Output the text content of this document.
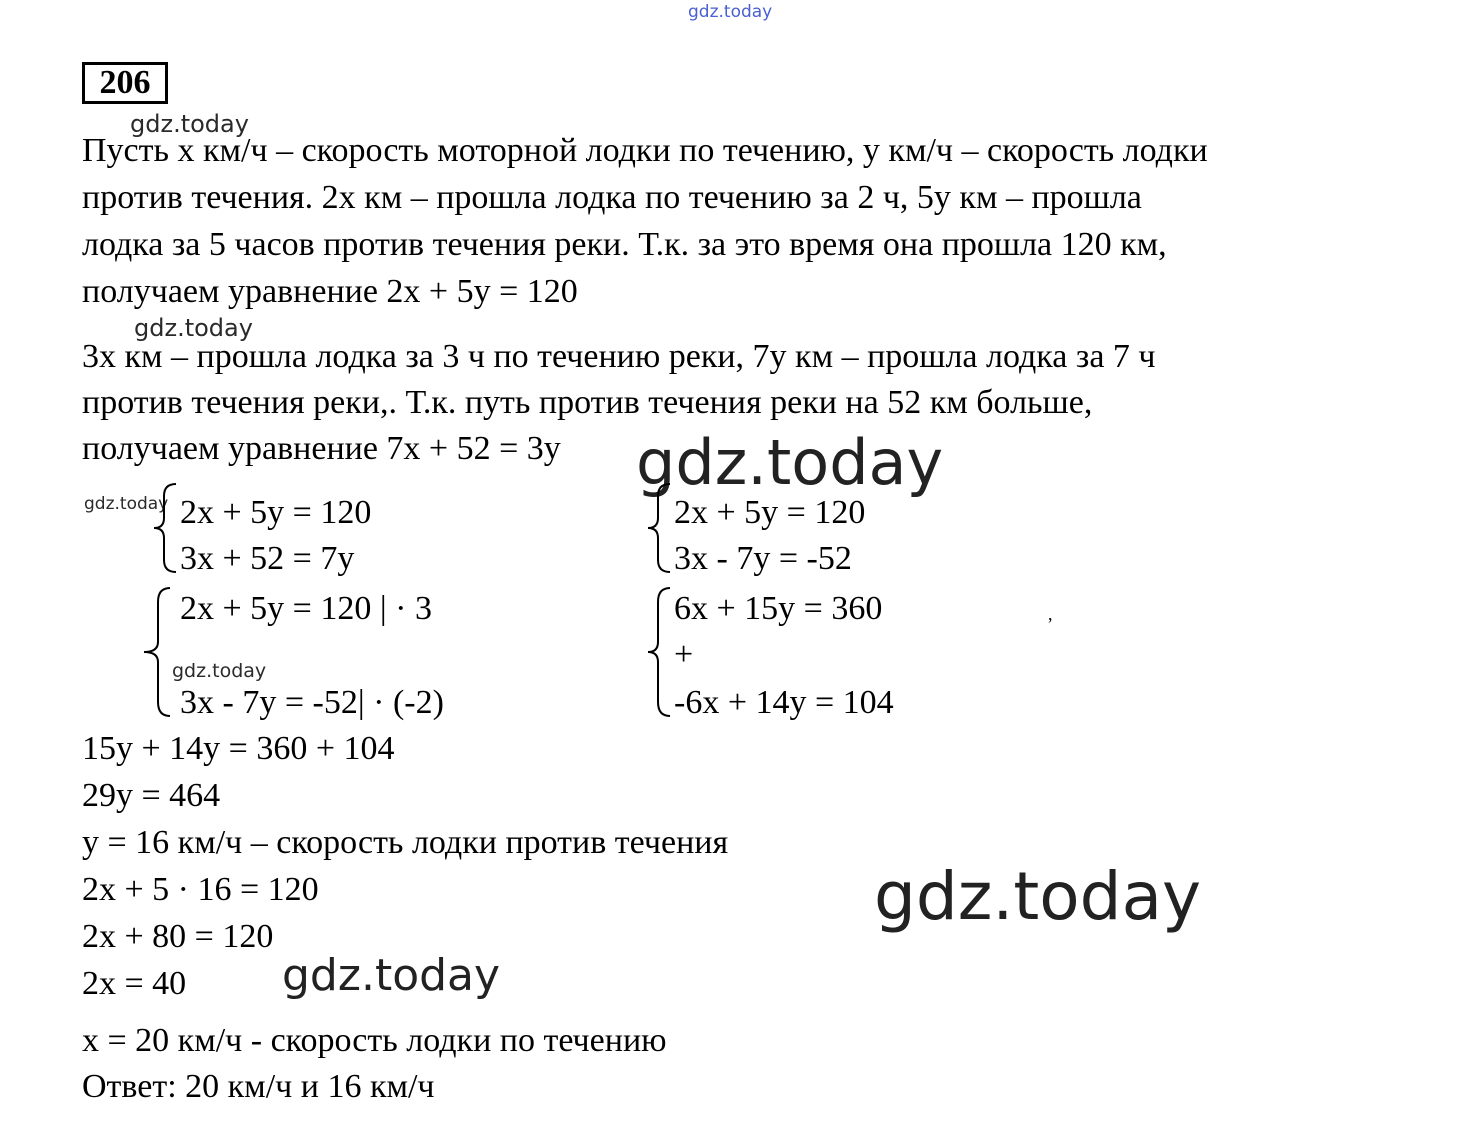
gdz.today
gdz.today
gdz.today
gdz.today
gdz.today
gdz.today
gdz.today
gdz.today
206
Пусть х км/ч – скорость моторной лодки по течению, у км/ч – скорость лодки
против течения. 2х км – прошла лодка по течению за 2 ч, 5у км – прошла
лодка за 5 часов против течения реки. Т.к. за это время она прошла 120 км,
получаем уравнение 2х + 5у = 120
3х км – прошла лодка за 3 ч по течению реки, 7у км – прошла лодка за 7 ч
против течения реки,. Т.к. путь против течения реки на 52 км больше,
получаем уравнение 7х + 52 = 3у
2х + 5у = 120
3х + 52 = 7у
2х + 5у = 120
3х - 7у = -52
2х + 5у = 120 | · 3
3х - 7у = -52| · (-2)
6х + 15у = 360
+
-6х + 14у = 104
,
15у + 14у = 360 + 104
29у = 464
у = 16 км/ч – скорость лодки против течения
2х + 5 · 16 = 120
2х + 80 = 120
2х = 40
х = 20 км/ч - скорость лодки по течению
Ответ: 20 км/ч и 16 км/ч
